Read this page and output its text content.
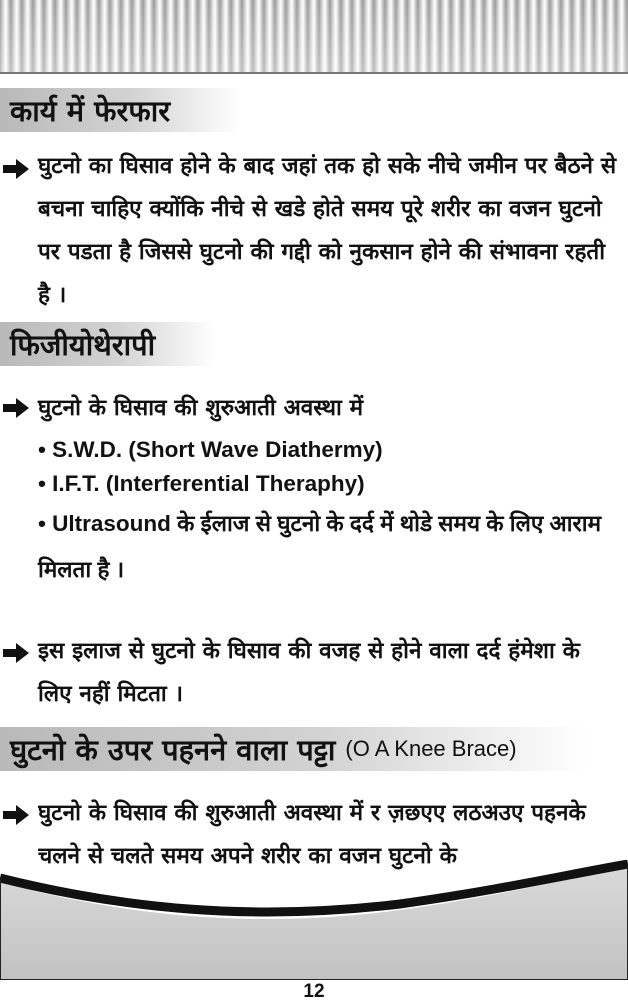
कार्य में फेरफार
घुटनो का घिसाव होने के बाद जहां तक हो सके नीचे जमीन पर बैठने से बचना चाहिए क्योंकि नीचे से खडे होते समय पूरे शरीर का वजन घुटनो पर पडता है जिससे घुटनो की गद्दी को नुकसान होने की संभावना रहती है ।
फिजीयोथेरापी
घुटनो के घिसाव की शुरुआती अवस्था में
• S.W.D. (Short Wave Diathermy)
• I.F.T. (Interferential Theraphy)
• Ultrasound के ईलाज से घुटनो के दर्द में थोडे समय के लिए आराम मिलता है ।
इस इलाज से घुटनो के घिसाव की वजह से होने वाला दर्द हंमेशा के लिए नहीं मिटता ।
घुटनो के उपर पहनने वाला पट्टा (O A Knee Brace)
घुटनो के घिसाव की शुरुआती अवस्था में र ज़छएए लठअउए पहनके चलने से चलते समय अपने शरीर का वजन घुटनो के
12
